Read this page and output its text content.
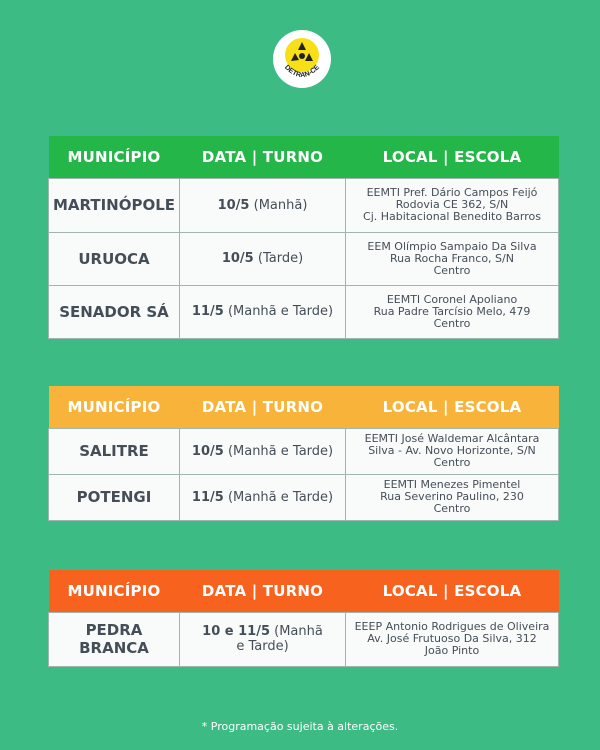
DETRAN-CE
MUNICÍPIO	DATA | TURNO	LOCAL | ESCOLA
MARTINÓPOLE	10/5 (Manhã)	EEMTI Pref. Dário Campos Feijó
Rodovia CE 362, S/N
Cj. Habitacional Benedito Barros

URUOCA	10/5 (Tarde)	EEM Olímpio Sampaio Da Silva
Rua Rocha Franco, S/N
Centro

SENADOR SÁ	11/5 (Manhã e Tarde)	EEMTI Coronel Apoliano
Rua Padre Tarcísio Melo, 479
Centro
MUNICÍPIO	DATA | TURNO	LOCAL | ESCOLA
SALITRE	10/5 (Manhã e Tarde)	EEMTI José Waldemar Alcântara
Silva - Av. Novo Horizonte, S/N
Centro

POTENGI	11/5 (Manhã e Tarde)	EEMTI Menezes Pimentel
Rua Severino Paulino, 230
Centro
MUNICÍPIO	DATA | TURNO	LOCAL | ESCOLA
PEDRA BRANCA	10 e 11/5 (Manhã
e Tarde)	EEEP Antonio Rodrigues de Oliveira
Av. José Frutuoso Da Silva, 312
João Pinto
* Programação sujeita à alterações.
